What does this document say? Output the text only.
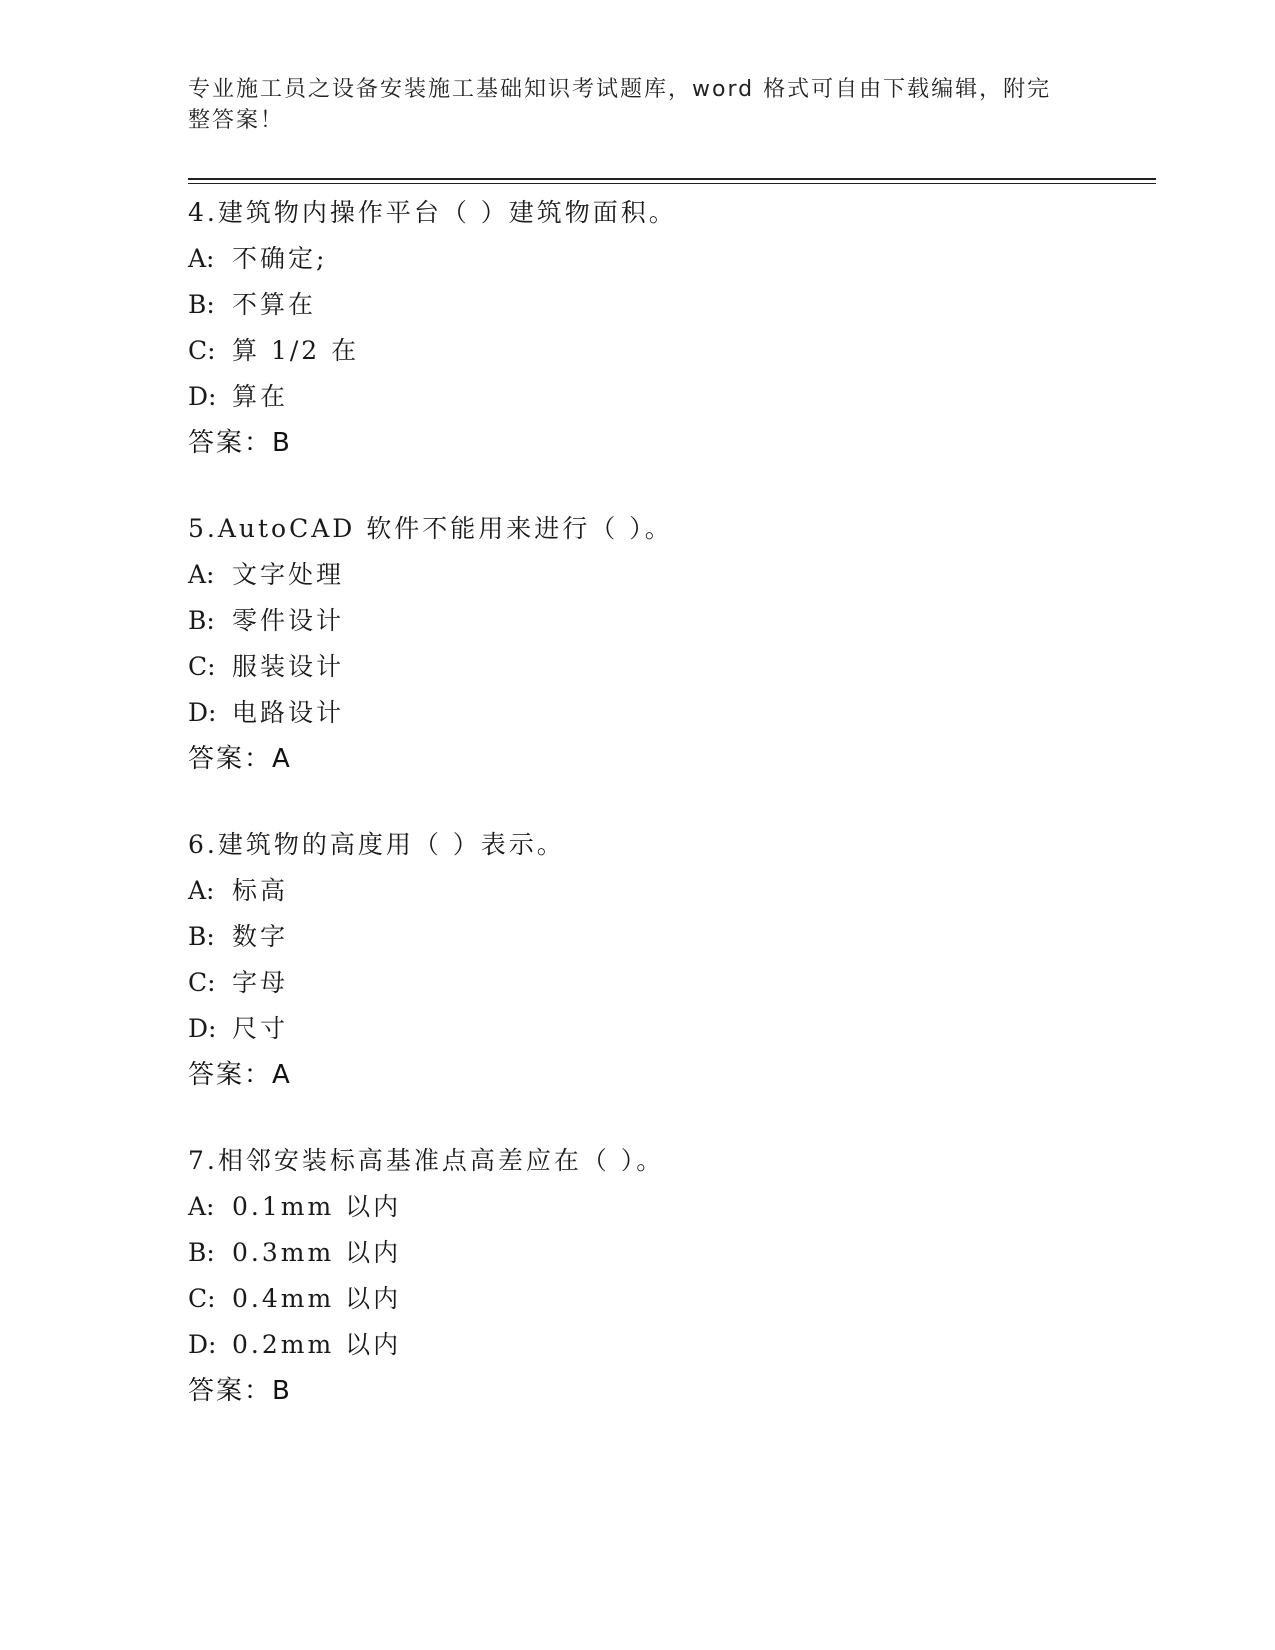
专业施工员之设备安装施工基础知识考试题库，word 格式可自由下载编辑，附完
整答案！
4.建筑物内操作平台（ ）建筑物面积。
A: 不确定;
B: 不算在
C: 算 1/2 在
D: 算在
答案：B
5.AutoCAD 软件不能用来进行（ ）。
A: 文字处理
B: 零件设计
C: 服装设计
D: 电路设计
答案：A
6.建筑物的高度用（ ）表示。
A: 标高
B: 数字
C: 字母
D: 尺寸
答案：A
7.相邻安装标高基准点高差应在（ ）。
A: 0.1mm 以内
B: 0.3mm 以内
C: 0.4mm 以内
D: 0.2mm 以内
答案：B
